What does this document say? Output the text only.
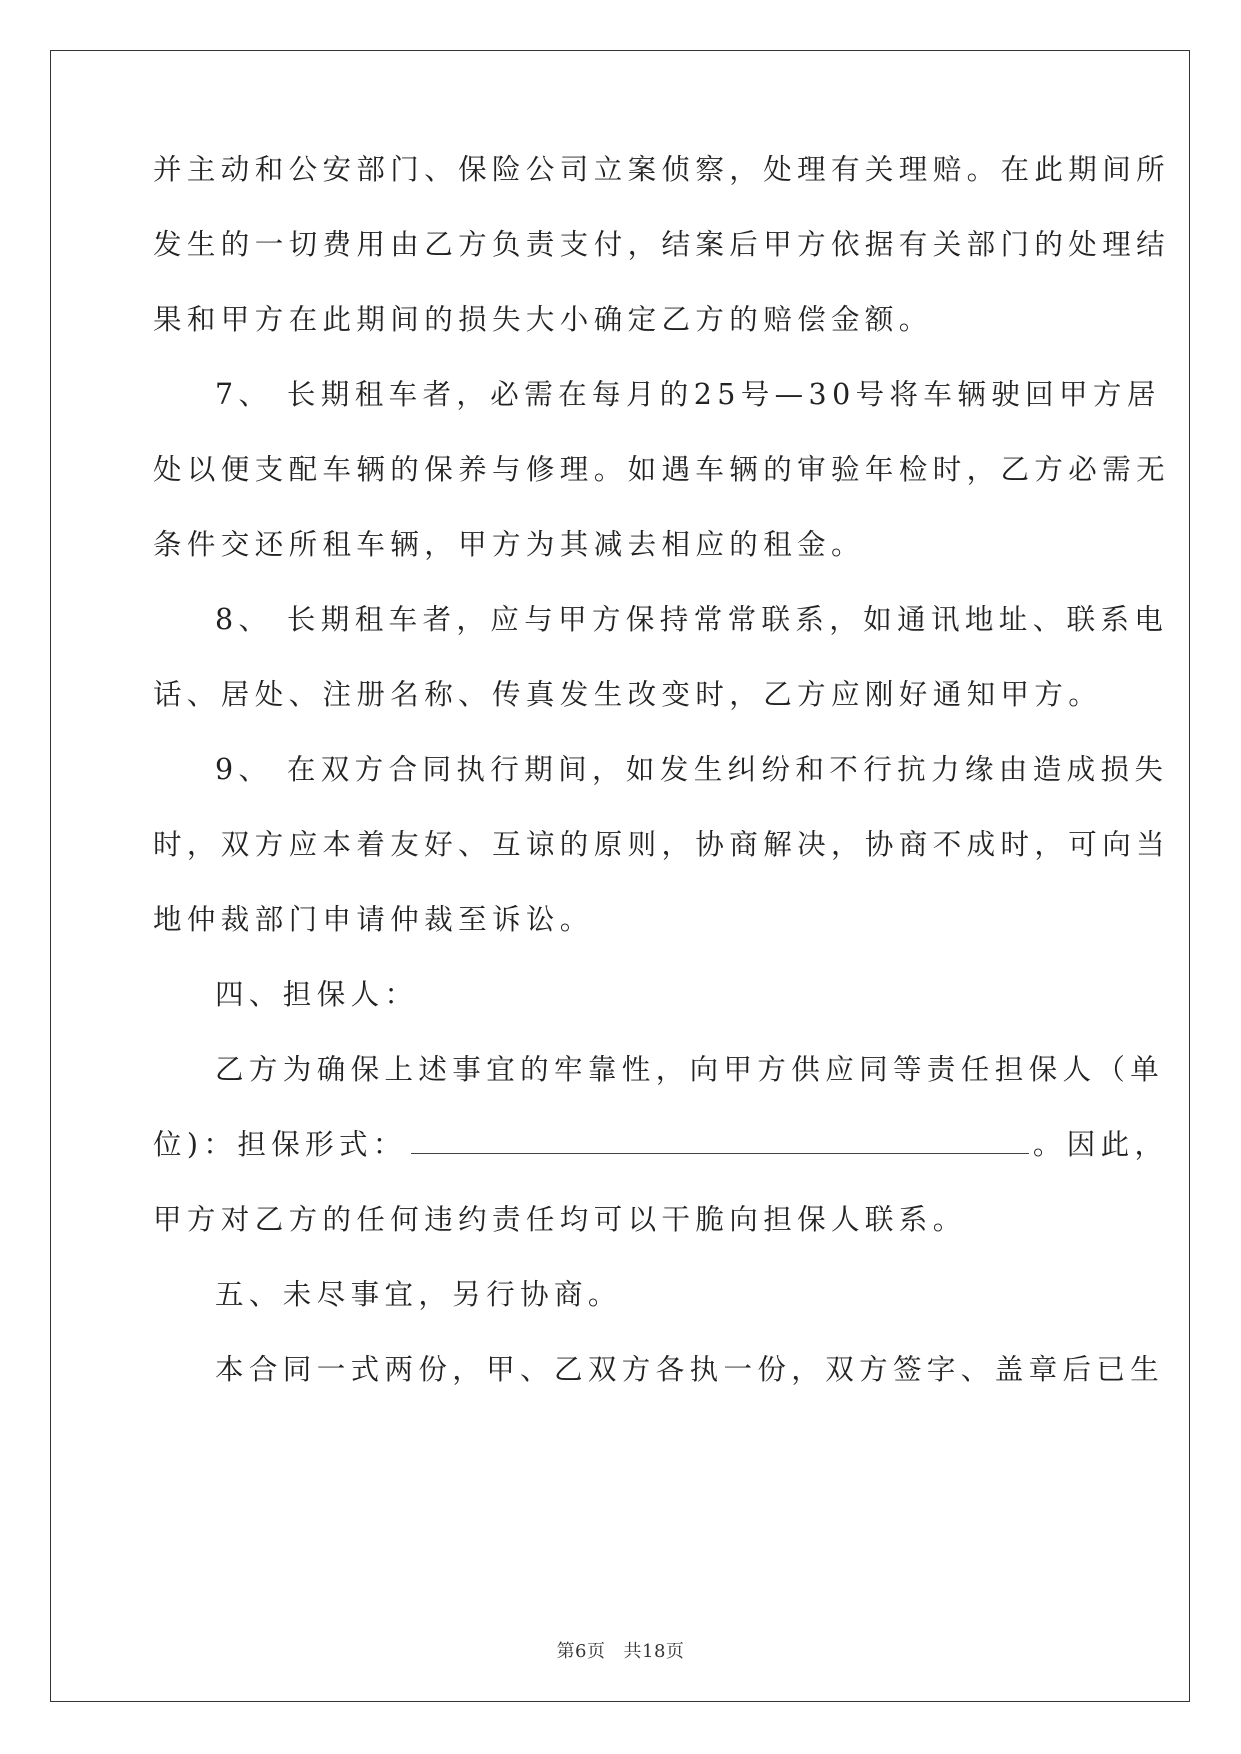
并主动和公安部门、保险公司立案侦察，处理有关理赔。在此期间所
发生的一切费用由乙方负责支付，结案后甲方依据有关部门的处理结
果和甲方在此期间的损失大小确定乙方的赔偿金额。
7、 长期租车者，必需在每月的25号—30号将车辆驶回甲方居
处以便支配车辆的保养与修理。如遇车辆的审验年检时，乙方必需无
条件交还所租车辆，甲方为其减去相应的租金。
8、 长期租车者，应与甲方保持常常联系，如通讯地址、联系电
话、居处、注册名称、传真发生改变时，乙方应刚好通知甲方。
9、 在双方合同执行期间，如发生纠纷和不行抗力缘由造成损失
时，双方应本着友好、互谅的原则，协商解决，协商不成时，可向当
地仲裁部门申请仲裁至诉讼。
四、担保人：
乙方为确保上述事宜的牢靠性，向甲方供应同等责任担保人（单
位)：担保形式：	。因此，
甲方对乙方的任何违约责任均可以干脆向担保人联系。
五、未尽事宜，另行协商。
本合同一式两份，甲、乙双方各执一份，双方签字、盖章后已生
第6页 共18页
